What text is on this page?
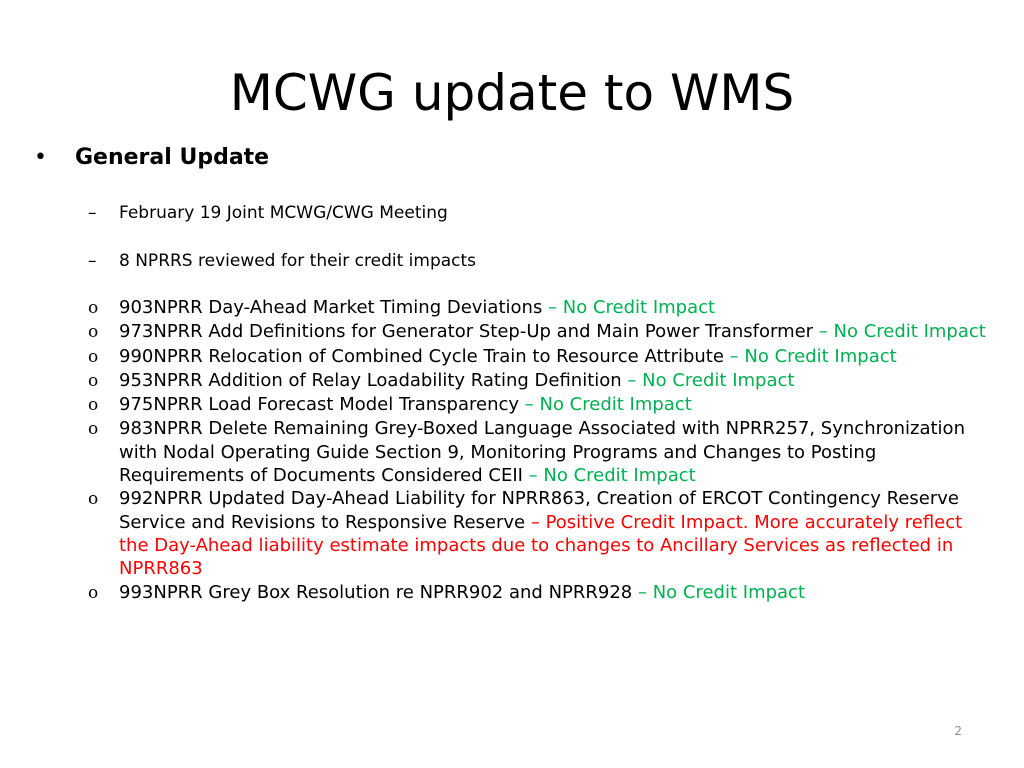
MCWG update to WMS
•	General Update
–	February 19 Joint MCWG/CWG Meeting
–	8 NPRRS reviewed for their credit impacts
o	903NPRR Day-Ahead Market Timing Deviations – No Credit Impact
o	973NPRR Add Definitions for Generator Step-Up and Main Power Transformer – No Credit Impact
o	990NPRR Relocation of Combined Cycle Train to Resource Attribute – No Credit Impact
o	953NPRR Addition of Relay Loadability Rating Definition – No Credit Impact
o	975NPRR Load Forecast Model Transparency – No Credit Impact
o	983NPRR Delete Remaining Grey-Boxed Language Associated with NPRR257, Synchronization with Nodal Operating Guide Section 9, Monitoring Programs and Changes to Posting Requirements of Documents Considered CEII – No Credit Impact
o	992NPRR Updated Day-Ahead Liability for NPRR863, Creation of ERCOT Contingency Reserve Service and Revisions to Responsive Reserve – Positive Credit Impact. More accurately reflect the Day-Ahead liability estimate impacts due to changes to Ancillary Services as reflected in NPRR863
o	993NPRR Grey Box Resolution re NPRR902 and NPRR928 – No Credit Impact
2
